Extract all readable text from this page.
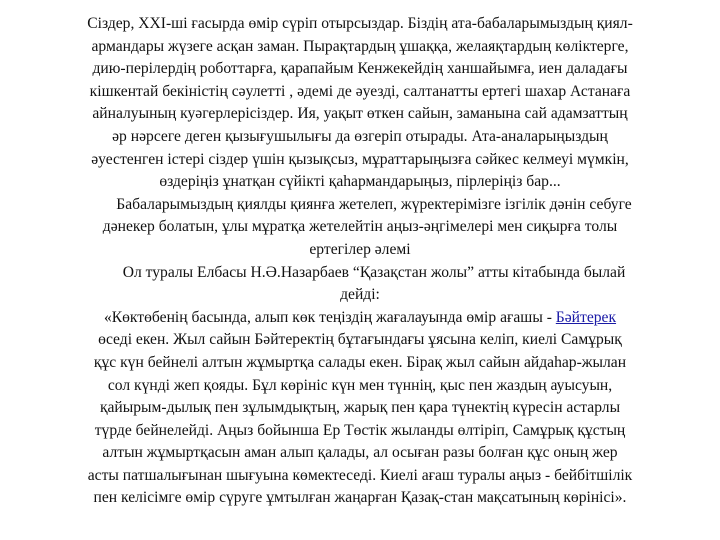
Сіздер, XXI-ші ғасырда өмір сүріп отырсыздар. Біздің ата-бабаларымыздың қиял-
армандары жүзеге асқан заман. Пырақтардың ұшаққа, желаяқтардың көліктерге,
дию-перілердің роботтарға, қарапайым Кенжекейдің ханшайымға, иен даладағы
кішкентай бекіністің сәулетті , әдемі де әуезді, салтанатты ертегі шахар Астанаға
айналуының куәгерлерісіздер. Ия, уақыт өткен сайын, заманына сай адамзаттың
әр нәрсеге деген қызығушылығы да өзгеріп отырады. Ата-аналарыңыздың
әуестенген істері сіздер үшін қызықсыз, мұраттарыңызға сәйкес келмеуі мүмкін,
өздеріңіз ұнатқан сүйікті қаһармандарыңыз, пірлеріңіз бар...
Бабаларымыздың қиялды қиянға жетелеп, жүректерімізге ізгілік дәнін себуге
дәнекер болатын, ұлы мұратқа жетелейтін аңыз-әңгімелері мен сиқырға толы
ертегілер әлемі
Ол туралы Елбасы Н.Ә.Назарбаев “Қазақстан жолы” атты кітабында былай
дейді:
«Көктөбенің басында, алып көк теңіздің жағалауында өмір ағашы - Бәйтерек
өседі екен. Жыл сайын Бәйтеректің бұтағындағы ұясына келіп, киелі Самұрық
құс күн бейнелі алтын жұмыртқа салады екен. Бірақ жыл сайын айдаһар-жылан
сол күнді жеп қояды. Бұл көрініс күн мен түннің, қыс пен жаздың ауысуын,
қайырым-дылық пен зұлымдықтың, жарық пен қара түнектің күресін астарлы
түрде бейнелейді. Аңыз бойынша Ер Төстік жыланды өлтіріп, Самұрық құстың
алтын жұмыртқасын аман алып қалады, ал осыған разы болған құс оның жер
асты патшалығынан шығуына көмектеседі. Киелі ағаш туралы аңыз - бейбітшілік
пен келісімге өмір сүруге ұмтылған жаңарған Қазақ-стан мақсатының көрінісі».
